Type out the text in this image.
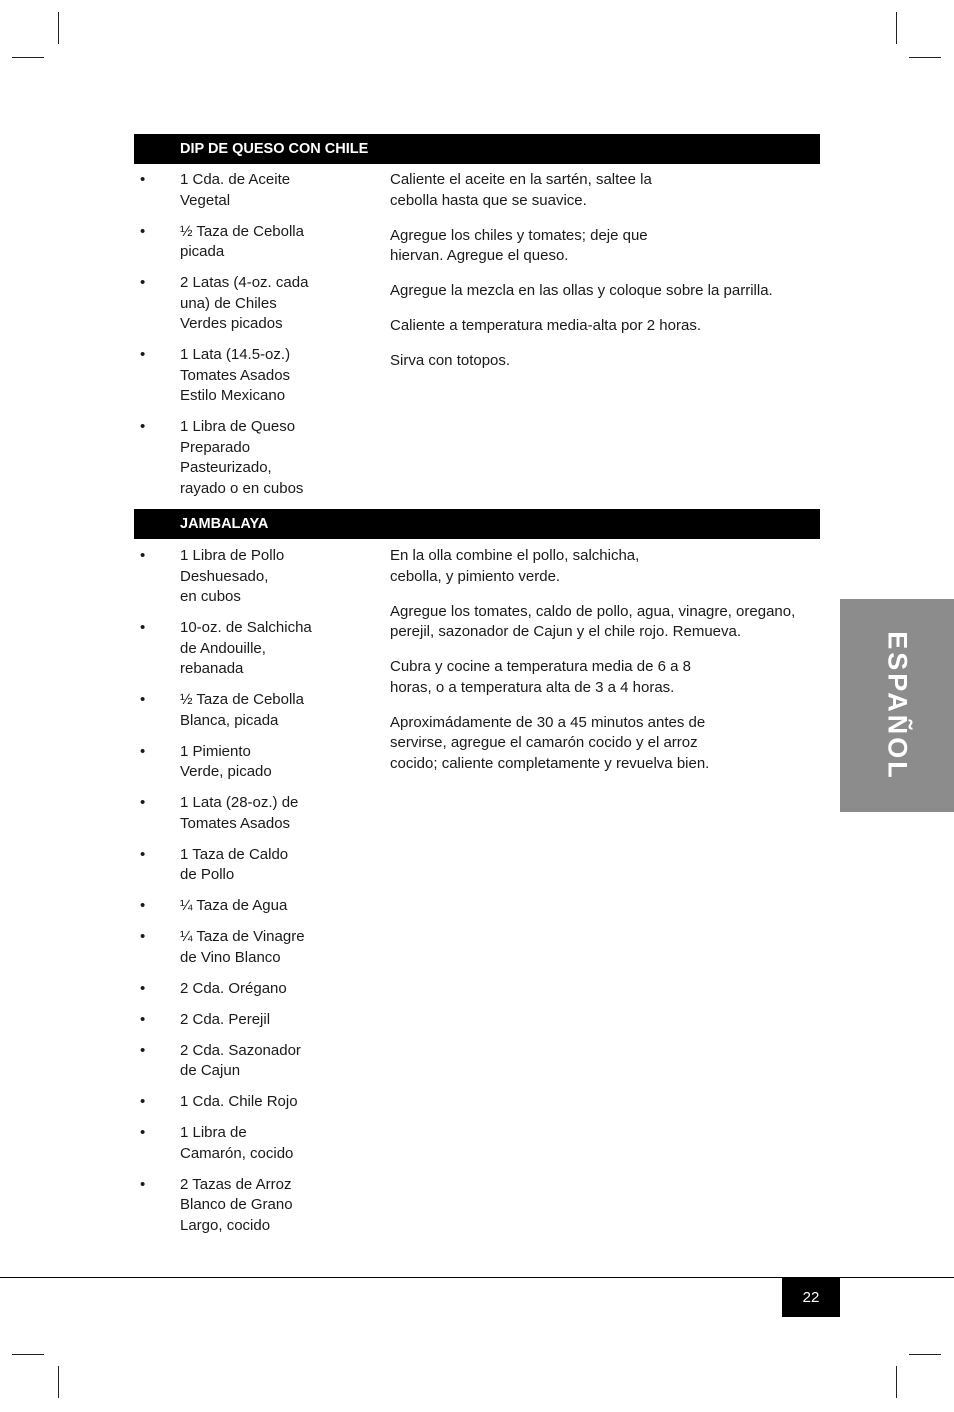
DIP DE QUESO CON CHILE
• 1 Cda. de Aceite
Vegetal
• ½ Taza de Cebolla
picada
• 2 Latas (4-oz. cada
una) de Chiles
Verdes picados
• 1 Lata (14.5-oz.)
Tomates Asados
Estilo Mexicano
• 1 Libra de Queso
Preparado
Pasteurizado,
rayado o en cubos

Caliente el aceite en la sartén, saltee la
cebolla hasta que se suavice.

Agregue los chiles y tomates; deje que
hiervan. Agregue el queso.

Agregue la mezcla en las ollas y coloque sobre la parrilla.

Caliente a temperatura media-alta por 2 horas.

Sirva con totopos.

JAMBALAYA
• 1 Libra de Pollo
Deshuesado,
en cubos
• 10-oz. de Salchicha
de Andouille,
rebanada
• ½ Taza de Cebolla
Blanca, picada
• 1 Pimiento
Verde, picado
• 1 Lata (28-oz.) de
Tomates Asados
• 1 Taza de Caldo
de Pollo
• ¼ Taza de Agua
• ¼ Taza de Vinagre
de Vino Blanco
• 2 Cda. Orégano
• 2 Cda. Perejil
• 2 Cda. Sazonador
de Cajun
• 1 Cda. Chile Rojo
• 1 Libra de
Camarón, cocido
• 2 Tazas de Arroz
Blanco de Grano
Largo, cocido

En la olla combine el pollo, salchicha,
cebolla, y pimiento verde.

Agregue los tomates, caldo de pollo, agua, vinagre, oregano,
perejil, sazonador de Cajun y el chile rojo. Remueva.

Cubra y cocine a temperatura media de 6 a 8
horas, o a temperatura alta de 3 a 4 horas.

Aproximádamente de 30 a 45 minutos antes de
servirse, agregue el camarón cocido y el arroz
cocido; caliente completamente y revuelva bien.	ESPAÑOL
22
